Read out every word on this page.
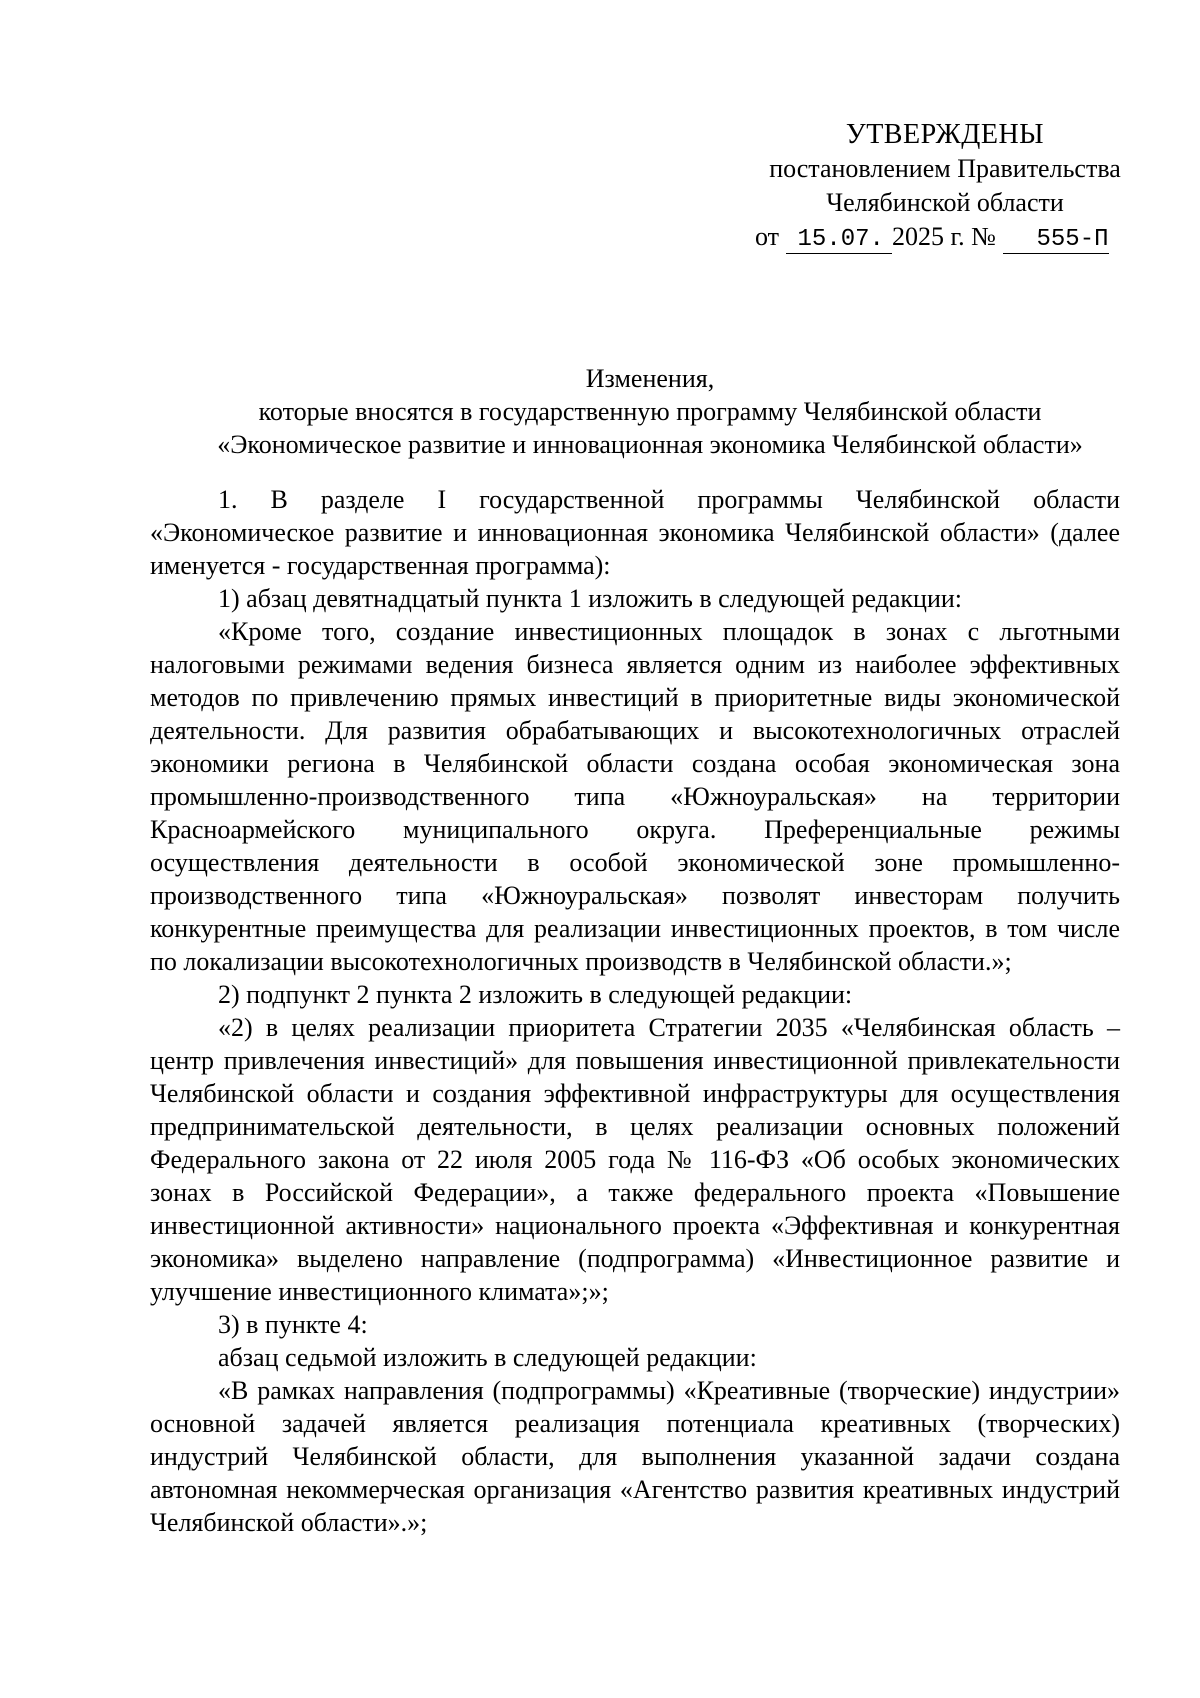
УТВЕРЖДЕНЫ
постановлением Правительства
Челябинской области
от 15.07. 2025 г. № 555-П
Изменения,
которые вносятся в государственную программу Челябинской области
«Экономическое развитие и инновационная экономика Челябинской области»

1. В разделе I государственной программы Челябинской области «Экономическое развитие и инновационная экономика Челябинской области» (далее именуется - государственная программа):

1) абзац девятнадцатый пункта 1 изложить в следующей редакции:

«Кроме того, создание инвестиционных площадок в зонах с льготными налоговыми режимами ведения бизнеса является одним из наиболее эффективных методов по привлечению прямых инвестиций в приоритетные виды экономической деятельности. Для развития обрабатывающих и высокотехнологичных отраслей экономики региона в Челябинской области создана особая экономическая зона промышленно-производственного типа «Южноуральская» на территории Красноармейского муниципального округа. Преференциальные режимы осуществления деятельности в особой экономической зоне промышленно-производственного типа «Южноуральская» позволят инвесторам получить конкурентные преимущества для реализации инвестиционных проектов, в том числе по локализации высокотехнологичных производств в Челябинской области.»;

2) подпункт 2 пункта 2 изложить в следующей редакции:

«2) в целях реализации приоритета Стратегии 2035 «Челябинская область – центр привлечения инвестиций» для повышения инвестиционной привлекательности Челябинской области и создания эффективной инфраструктуры для осуществления предпринимательской деятельности, в целях реализации основных положений Федерального закона от 22 июля 2005 года № 116-ФЗ «Об особых экономических зонах в Российской Федерации», а также федерального проекта «Повышение инвестиционной активности» национального проекта «Эффективная и конкурентная экономика» выделено направление (подпрограмма) «Инвестиционное развитие и улучшение инвестиционного климата»;»;

3) в пункте 4:

абзац седьмой изложить в следующей редакции:

«В рамках направления (подпрограммы) «Креативные (творческие) индустрии» основной задачей является реализация потенциала креативных (творческих) индустрий Челябинской области, для выполнения указанной задачи создана автономная некоммерческая организация «Агентство развития креативных индустрий Челябинской области».»;
